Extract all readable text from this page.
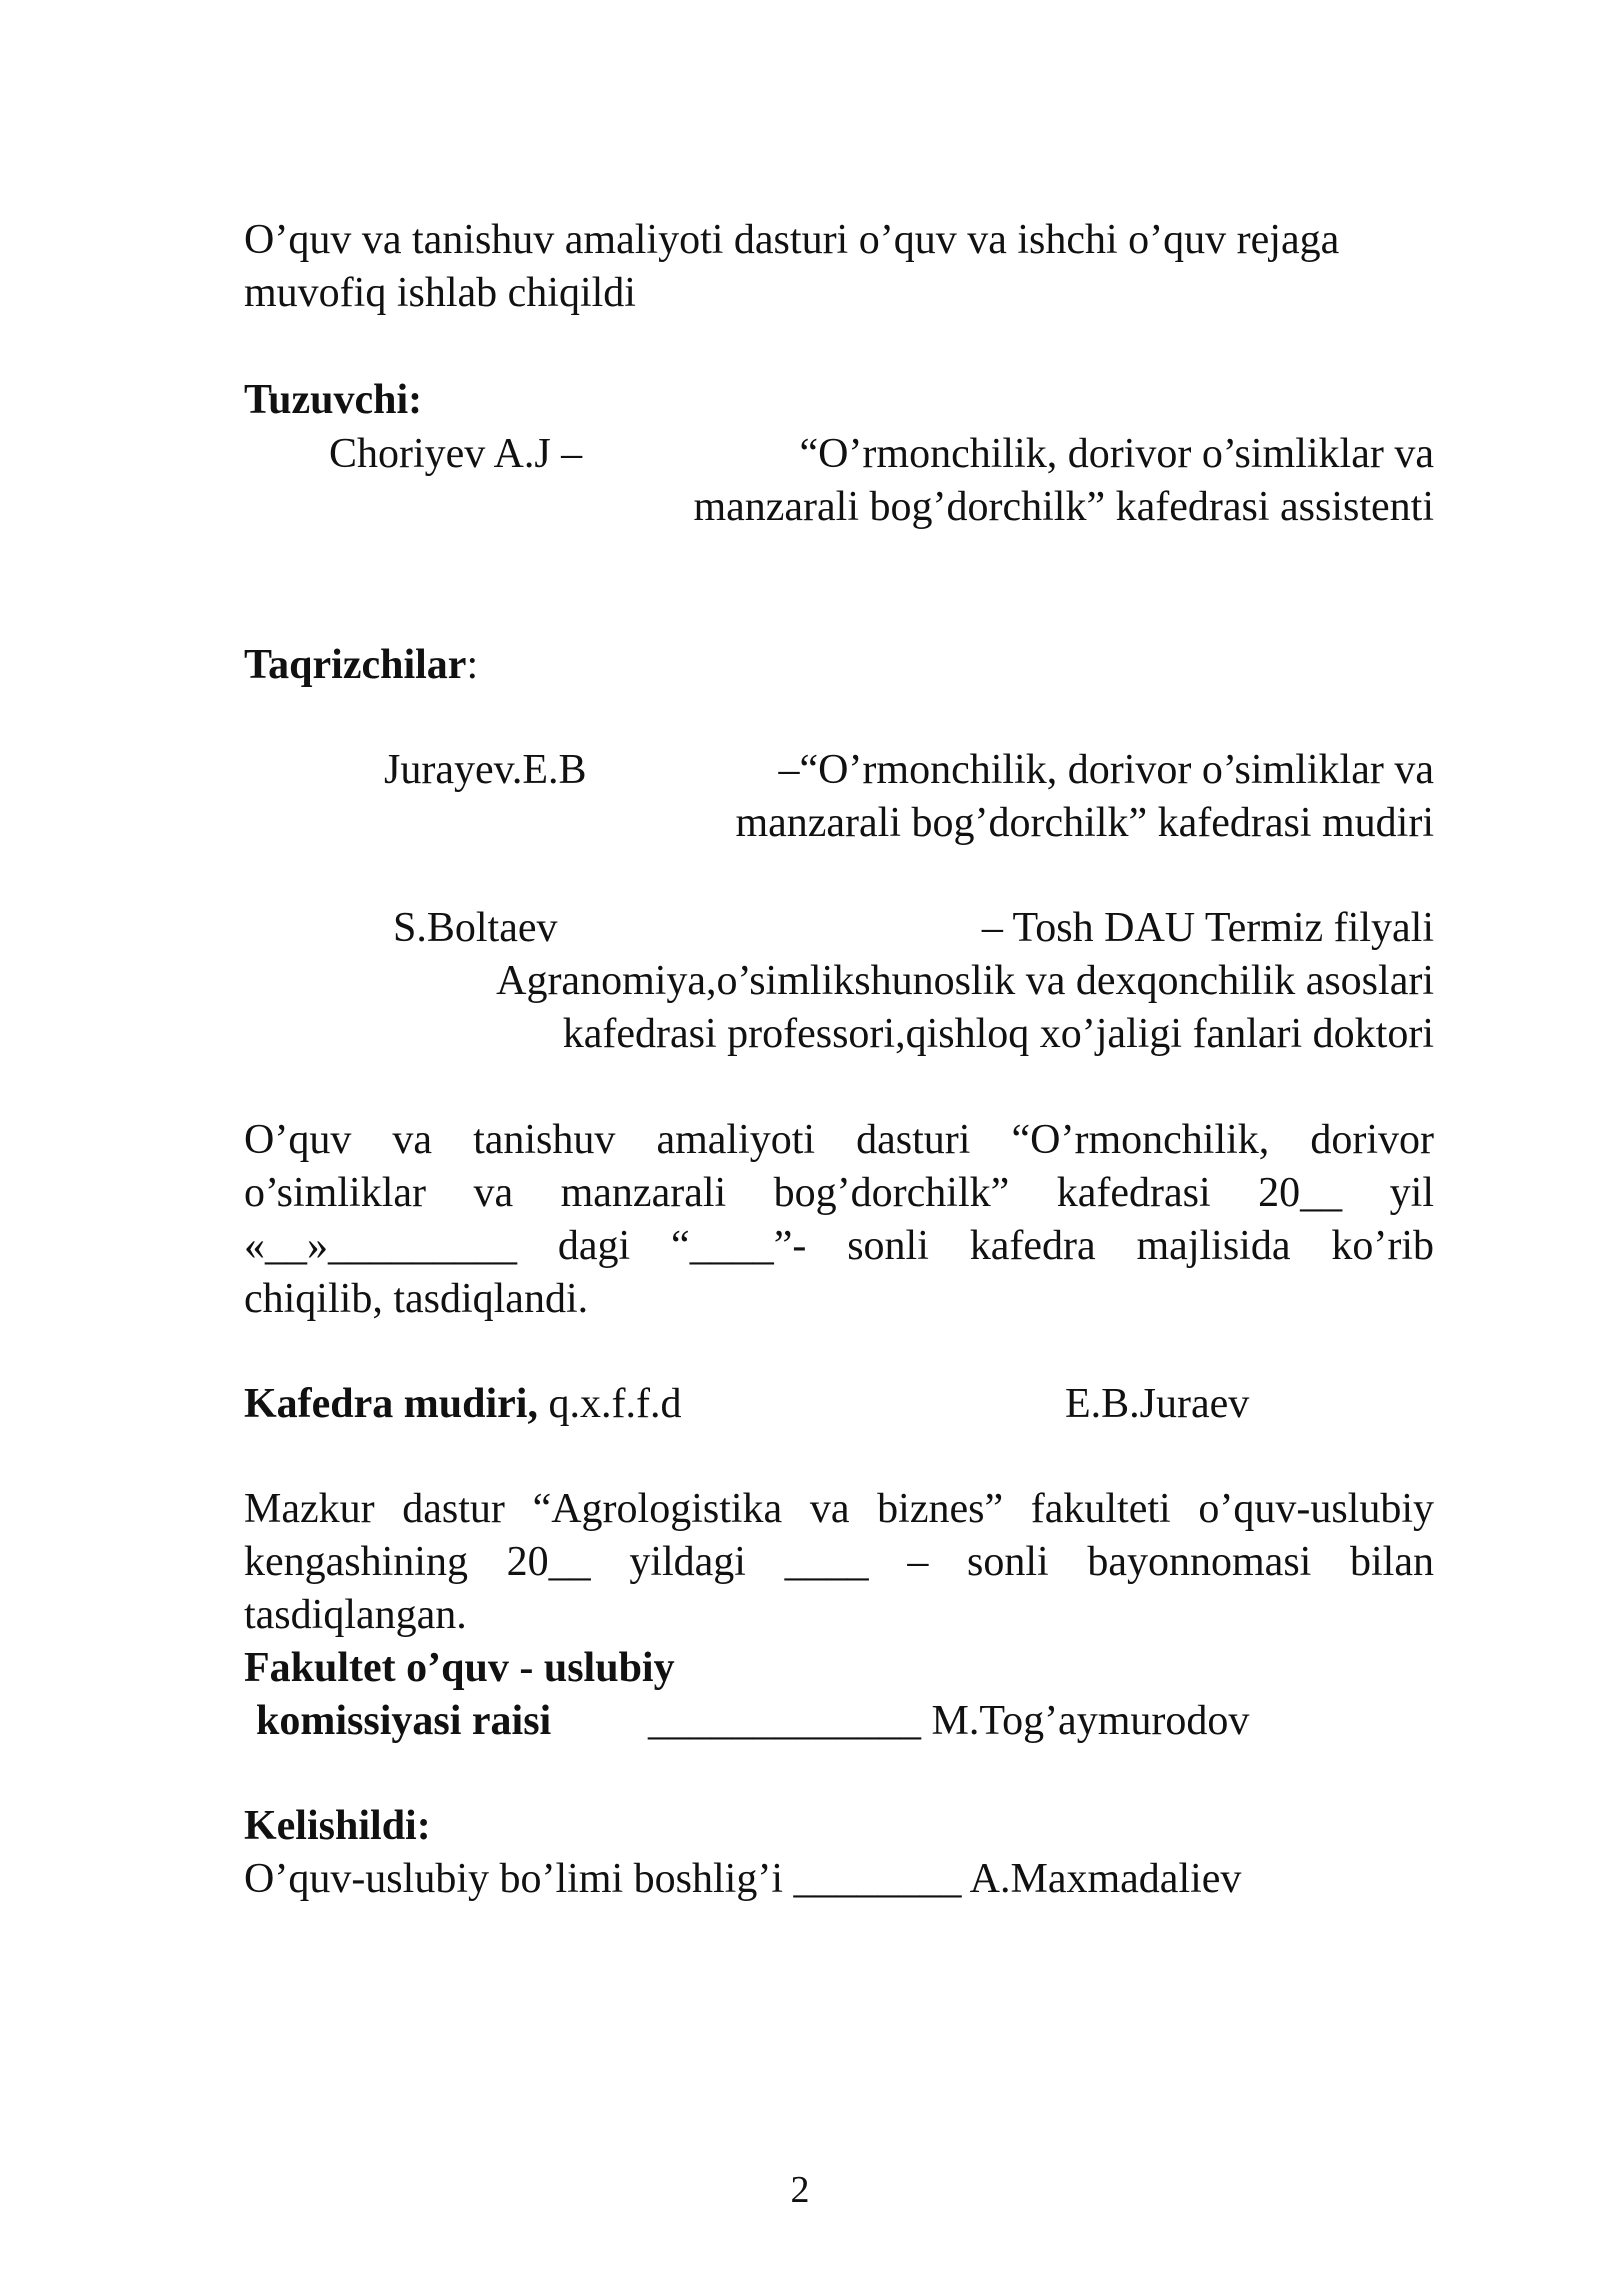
O’quv va tanishuv amaliyoti dasturi o’quv va ishchi o’quv rejaga

muvofiq ishlab chiqildi

Tuzuvchi:

Choriyev A.J –	“O’rmonchilik, dorivor o’simliklar va

manzarali bog’dorchilk” kafedrasi assistenti

Taqrizchilar:

Jurayev.E.B	–“O’rmonchilik, dorivor o’simliklar va

manzarali bog’dorchilk” kafedrasi mudiri

S.Boltaev	– Tosh DAU Termiz filyali

Agranomiya,o’simlikshunoslik va dexqonchilik asoslari

kafedrasi professori,qishloq xo’jaligi fanlari doktori

O’quv va tanishuv amaliyoti dasturi “O’rmonchilik, dorivor

o’simliklar va manzarali bog’dorchilk” kafedrasi 20__ yil

«__»_________ dagi “____”- sonli kafedra majlisida ko’rib

chiqilib, tasdiqlandi.

Kafedra mudiri, q.x.f.f.d	E.B.Juraev

Mazkur dastur “Agrologistika va biznes” fakulteti o’quv-uslubiy

kengashining 20__ yildagi ____ – sonli bayonnomasi bilan

tasdiqlangan.

Fakultet o’quv - uslubiy

komissiyasi raisi _____________ M.Tog’aymurodov

Kelishildi:

O’quv-uslubiy bo’limi boshlig’i ________ A.Maxmadaliev

2
